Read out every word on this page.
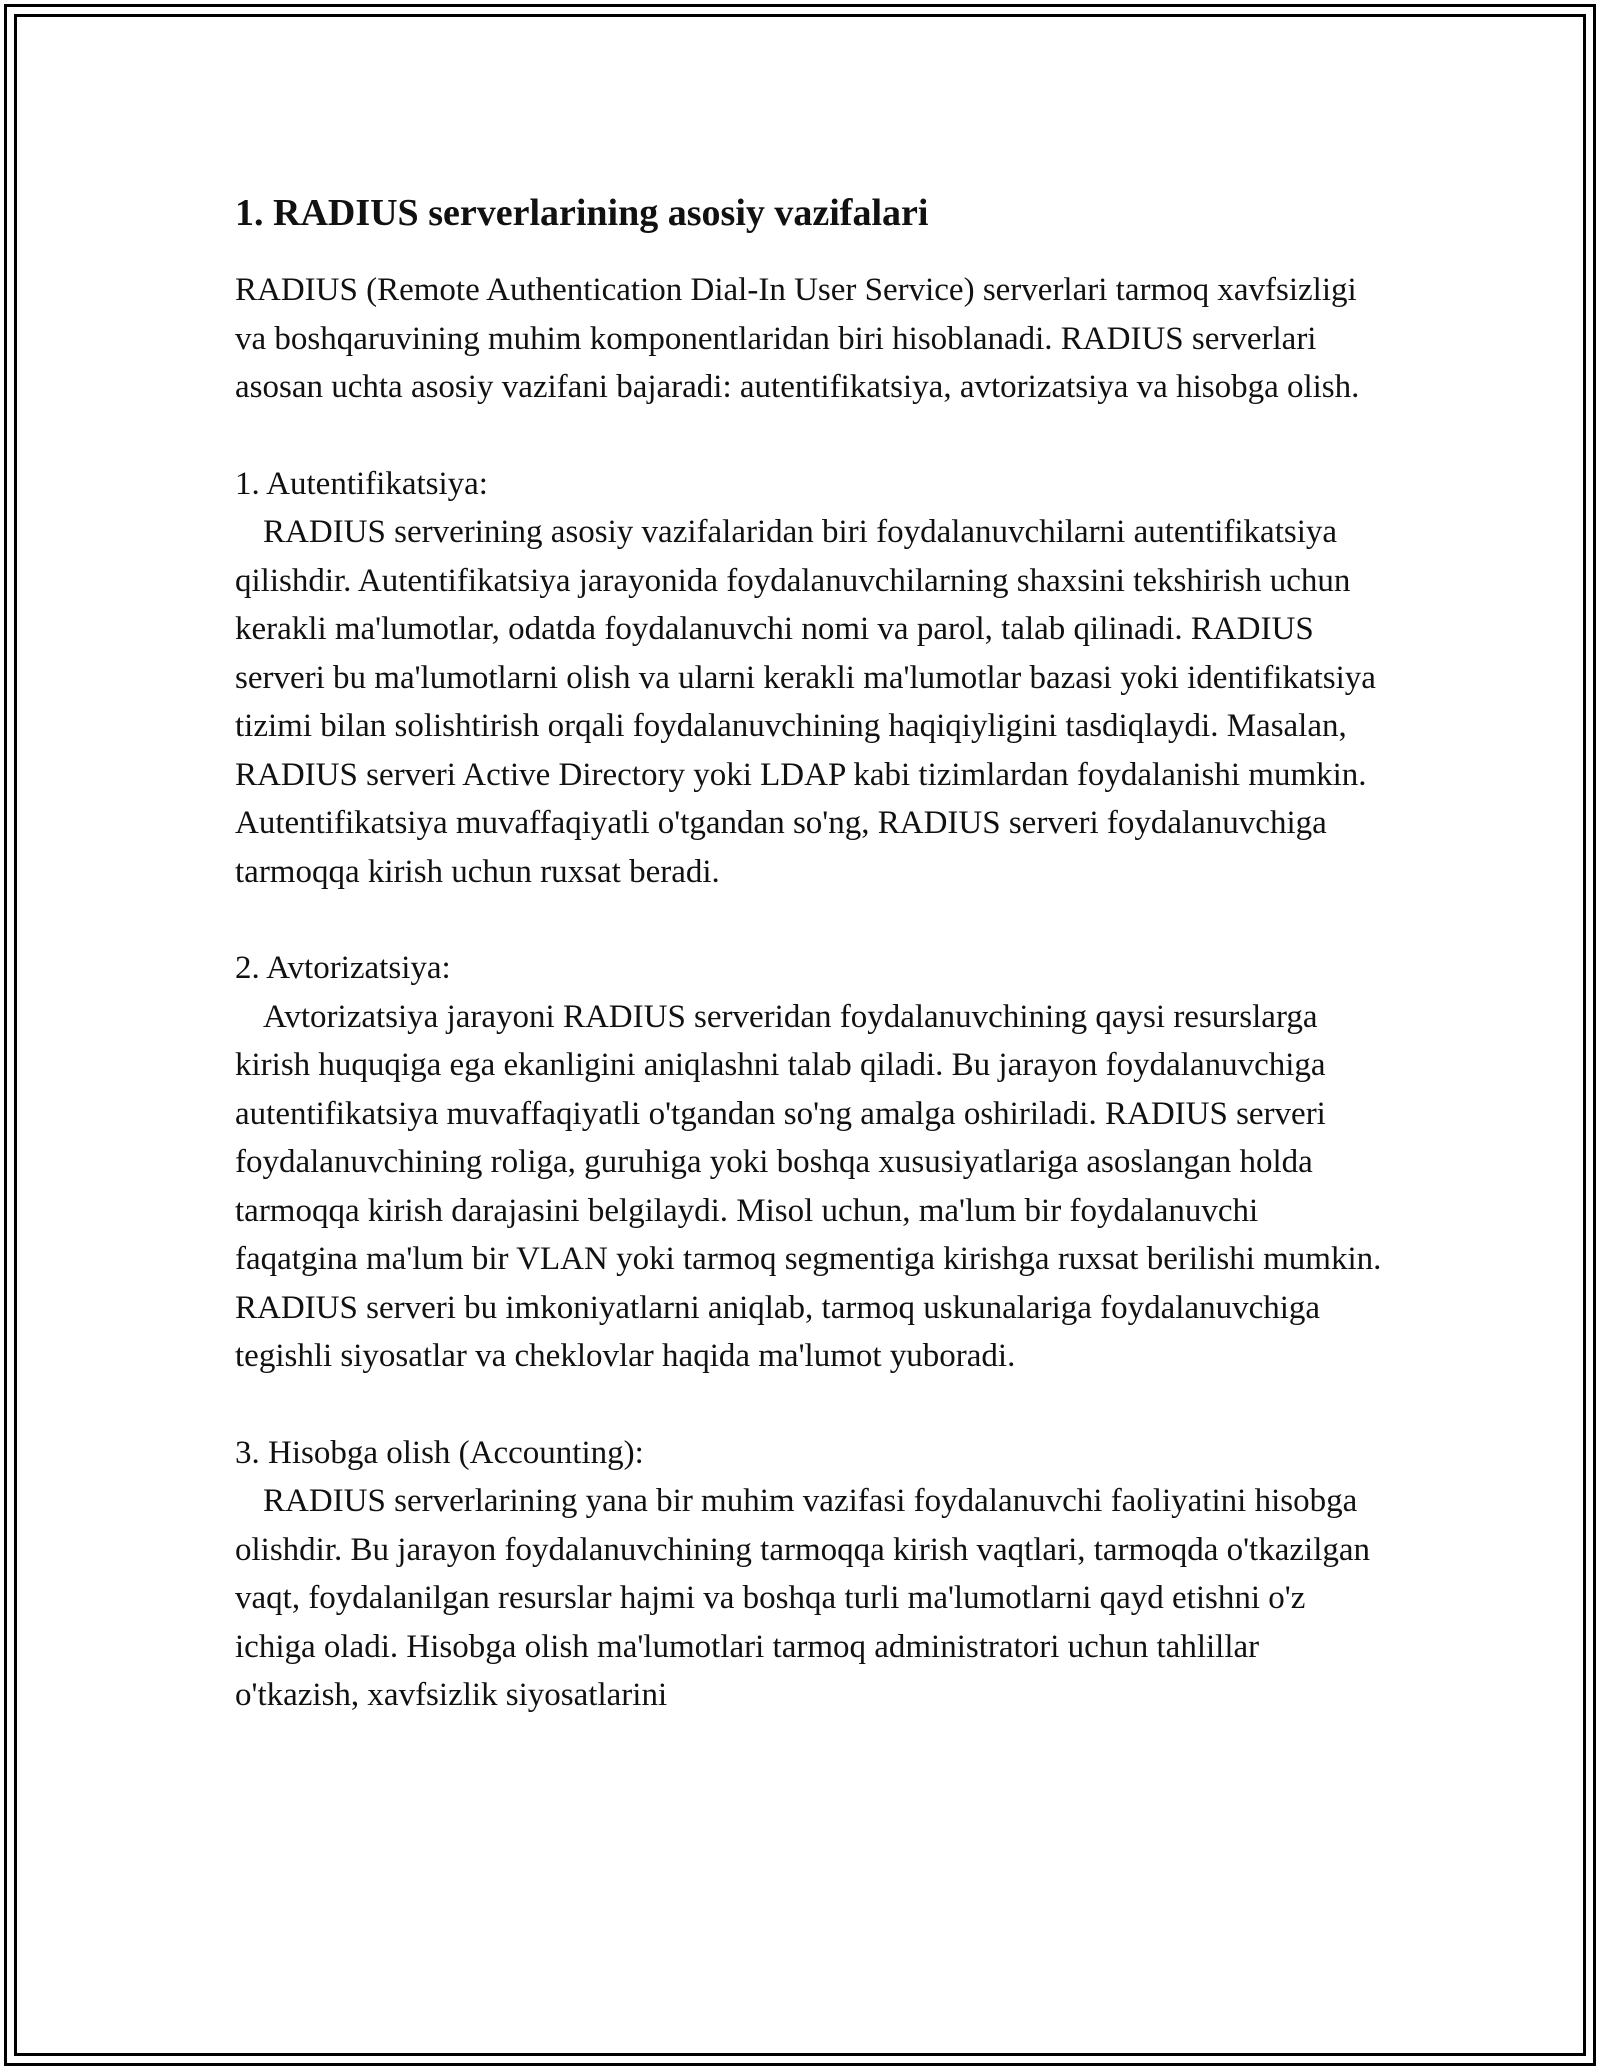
1. RADIUS serverlarining asosiy vazifalari

RADIUS (Remote Authentication Dial-In User Service) serverlari tarmoq xavfsizligi va boshqaruvining muhim komponentlaridan biri hisoblanadi. RADIUS serverlari asosan uchta asosiy vazifani bajaradi: autentifikatsiya, avtorizatsiya va hisobga olish.

1. Autentifikatsiya:

RADIUS serverining asosiy vazifalaridan biri foydalanuvchilarni autentifikatsiya qilishdir. Autentifikatsiya jarayonida foydalanuvchilarning shaxsini tekshirish uchun kerakli ma'lumotlar, odatda foydalanuvchi nomi va parol, talab qilinadi. RADIUS serveri bu ma'lumotlarni olish va ularni kerakli ma'lumotlar bazasi yoki identifikatsiya tizimi bilan solishtirish orqali foydalanuvchining haqiqiyligini tasdiqlaydi. Masalan, RADIUS serveri Active Directory yoki LDAP kabi tizimlardan foydalanishi mumkin. Autentifikatsiya muvaffaqiyatli o'tgandan so'ng, RADIUS serveri foydalanuvchiga tarmoqqa kirish uchun ruxsat beradi.

2. Avtorizatsiya:

Avtorizatsiya jarayoni RADIUS serveridan foydalanuvchining qaysi resurslarga kirish huquqiga ega ekanligini aniqlashni talab qiladi. Bu jarayon foydalanuvchiga autentifikatsiya muvaffaqiyatli o'tgandan so'ng amalga oshiriladi. RADIUS serveri foydalanuvchining roliga, guruhiga yoki boshqa xususiyatlariga asoslangan holda tarmoqqa kirish darajasini belgilaydi. Misol uchun, ma'lum bir foydalanuvchi faqatgina ma'lum bir VLAN yoki tarmoq segmentiga kirishga ruxsat berilishi mumkin. RADIUS serveri bu imkoniyatlarni aniqlab, tarmoq uskunalariga foydalanuvchiga tegishli siyosatlar va cheklovlar haqida ma'lumot yuboradi.

3. Hisobga olish (Accounting):

RADIUS serverlarining yana bir muhim vazifasi foydalanuvchi faoliyatini hisobga olishdir. Bu jarayon foydalanuvchining tarmoqqa kirish vaqtlari, tarmoqda o'tkazilgan vaqt, foydalanilgan resurslar hajmi va boshqa turli ma'lumotlarni qayd etishni o'z ichiga oladi. Hisobga olish ma'lumotlari tarmoq administratori uchun tahlillar o'tkazish, xavfsizlik siyosatlarini
